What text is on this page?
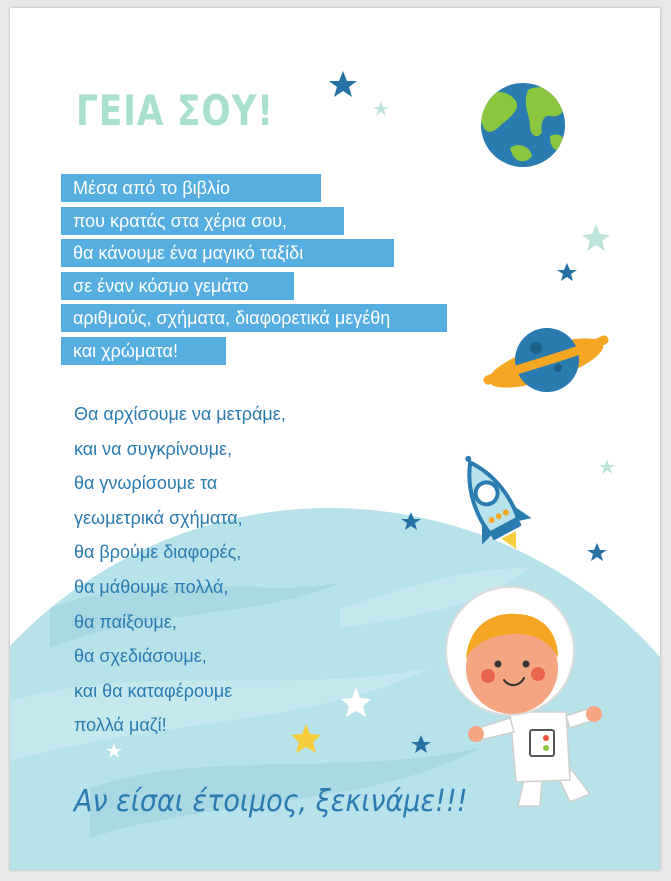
ΓΕΙΑ ΣΟΥ!
Μέσα από το βιβλίο
που κρατάς στα χέρια σου,
θα κάνουμε ένα μαγικό ταξίδι
σε έναν κόσμο γεμάτο
αριθμούς, σχήματα, διαφορετικά μεγέθη
και χρώματα!
Θα αρχίσουμε να μετράμε,
και να συγκρίνουμε,
θα γνωρίσουμε τα
γεωμετρικά σχήματα,
θα βρούμε διαφορές,
θα μάθουμε πολλά,
θα παίξουμε,
θα σχεδιάσουμε,
και θα καταφέρουμε
πολλά μαζί!
Αν είσαι έτοιμος, ξεκινάμε!!!
